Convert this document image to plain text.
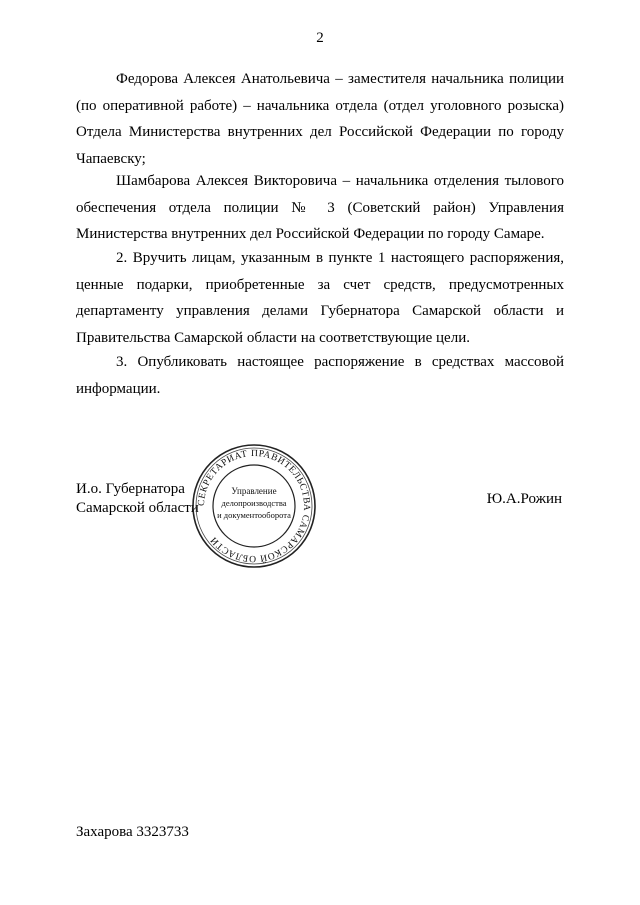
2

Федорова Алексея Анатольевича – заместителя начальника полиции (по оперативной работе) – начальника отдела (отдел уголовного розыска) Отдела Министерства внутренних дел Российской Федерации по городу Чапаевску;

Шамбарова Алексея Викторовича – начальника отделения тылового обеспечения отдела полиции № 3 (Советский район) Управления Министерства внутренних дел Российской Федерации по городу Самаре.

2. Вручить лицам, указанным в пункте 1 настоящего распоряжения, ценные подарки, приобретенные за счет средств, предусмотренных департаменту управления делами Губернатора Самарской области и Правительства Самарской области на соответствующие цели.

3. Опубликовать настоящее распоряжение в средствах массовой информации.

И.о. Губернатора
Самарской области
СЕКРЕТАРИАТ ПРАВИТЕЛЬСТВА САМАРСКОЙ ОБЛАСТИ
Управление
делопроизводства
и документооборота
Ю.А.Рожин
Захарова 3323733
